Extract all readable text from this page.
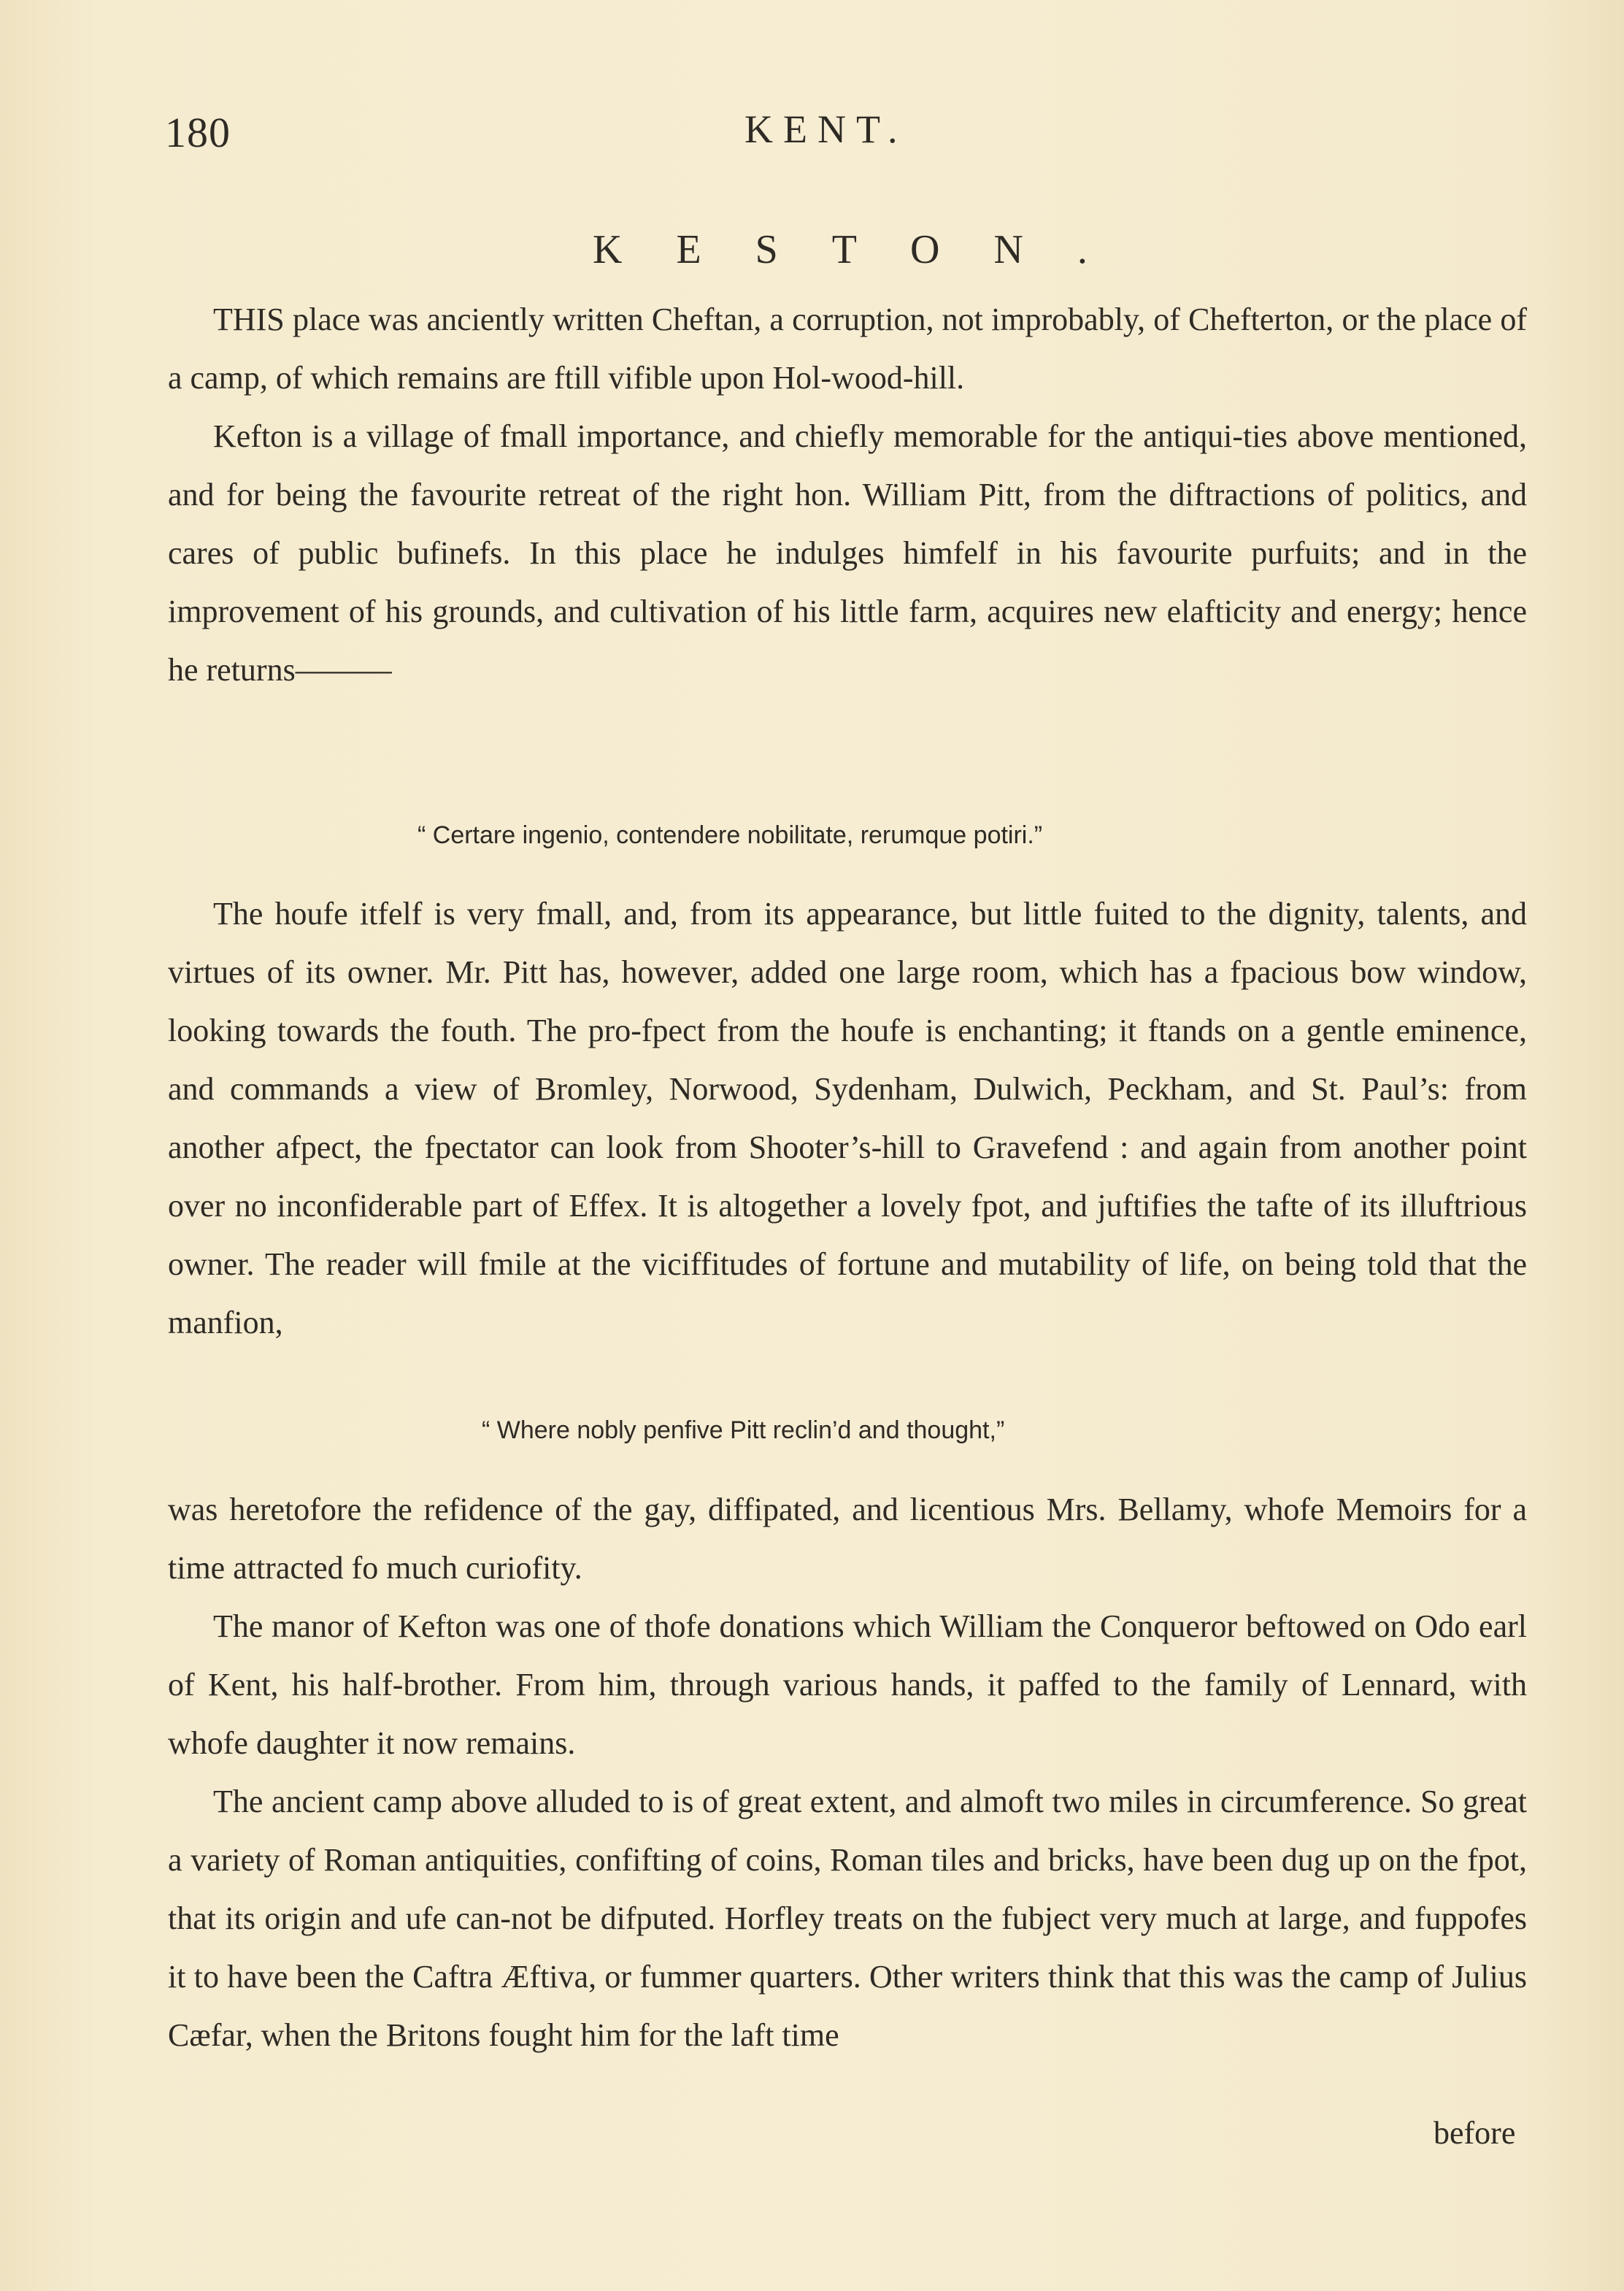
180	KENT.
KESTON.

THIS place was anciently written Cheftan, a corruption, not improbably, of Chefterton, or the place of a camp, of which remains are ftill vifible upon Hol-wood-hill.

Kefton is a village of fmall importance, and chiefly memorable for the antiqui-ties above mentioned, and for being the favourite retreat of the right hon. William Pitt, from the diftractions of politics, and cares of public bufinefs. In this place he indulges himfelf in his favourite purfuits; and in the improvement of his grounds, and cultivation of his little farm, acquires new elafticity and energy; hence he returns———

“ Certare ingenio, contendere nobilitate, rerumque potiri.”

The houfe itfelf is very fmall, and, from its appearance, but little fuited to the dignity, talents, and virtues of its owner. Mr. Pitt has, however, added one large room, which has a fpacious bow window, looking towards the fouth. The pro-fpect from the houfe is enchanting; it ftands on a gentle eminence, and commands a view of Bromley, Norwood, Sydenham, Dulwich, Peckham, and St. Paul’s: from another afpect, the fpectator can look from Shooter’s-hill to Gravefend : and again from another point over no inconfiderable part of Effex. It is altogether a lovely fpot, and juftifies the tafte of its illuftrious owner. The reader will fmile at the viciffitudes of fortune and mutability of life, on being told that the manfion,

“ Where nobly penfive Pitt reclin’d and thought,”

was heretofore the refidence of the gay, diffipated, and licentious Mrs. Bellamy, whofe Memoirs for a time attracted fo much curiofity.

The manor of Kefton was one of thofe donations which William the Conqueror beftowed on Odo earl of Kent, his half-brother. From him, through various hands, it paffed to the family of Lennard, with whofe daughter it now remains.

The ancient camp above alluded to is of great extent, and almoft two miles in circumference. So great a variety of Roman antiquities, confifting of coins, Roman tiles and bricks, have been dug up on the fpot, that its origin and ufe can-not be difputed. Horfley treats on the fubject very much at large, and fuppofes it to have been the Caftra Æftiva, or fummer quarters. Other writers think that this was the camp of Julius Cæfar, when the Britons fought him for the laft time

before
